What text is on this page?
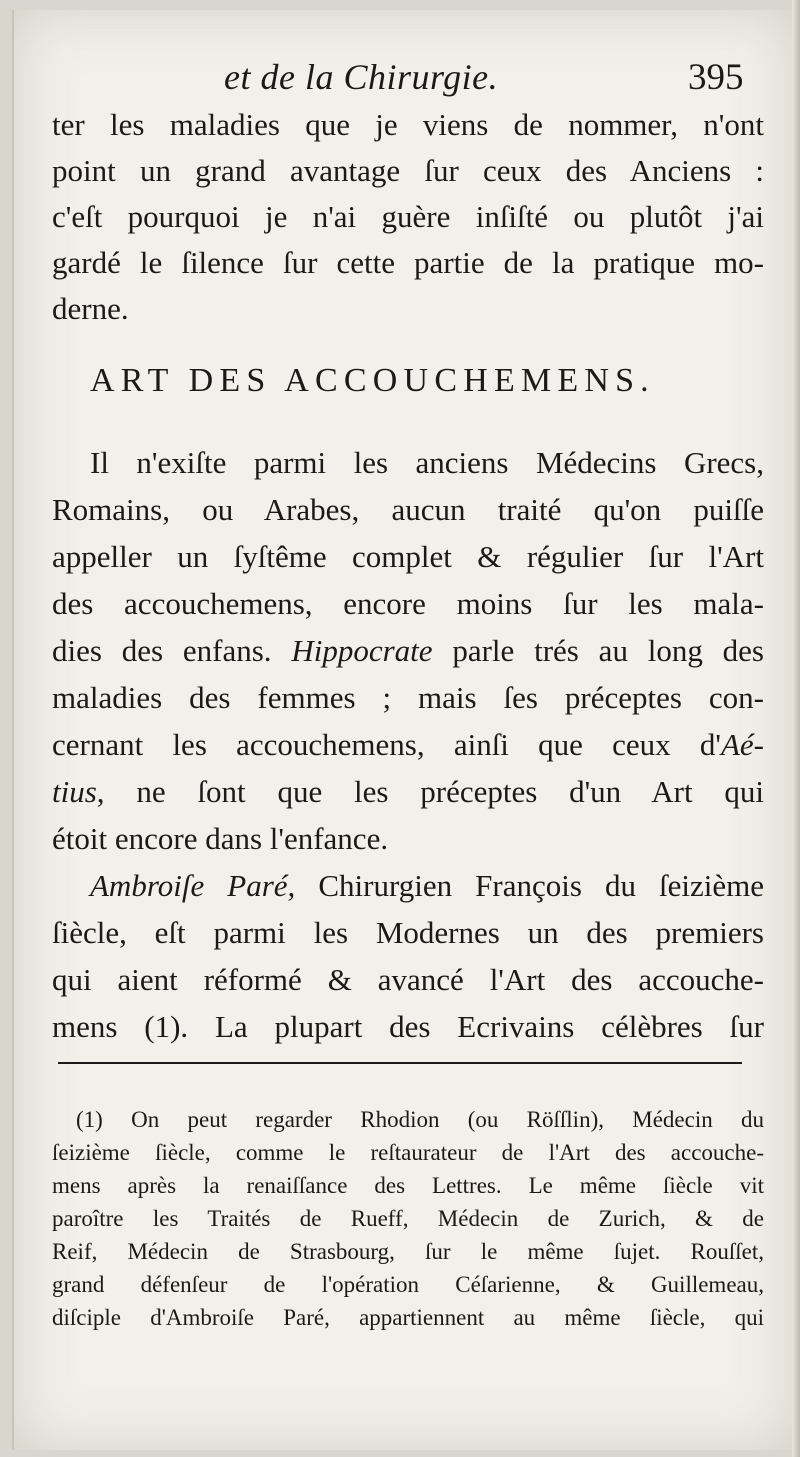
et de la Chirurgie.	395
ter les maladies que je viens de nommer, n'ont
point un grand avantage ſur ceux des Anciens :
c'eſt pourquoi je n'ai guère inſiſté ou plutôt j'ai
gardé le ſilence ſur cette partie de la pratique mo-
derne.
ART DES ACCOUCHEMENS.
Il n'exiſte parmi les anciens Médecins Grecs,
Romains, ou Arabes, aucun traité qu'on puiſſe
appeller un ſyſtême complet & régulier ſur l'Art
des accouchemens, encore moins ſur les mala-
dies des enfans. Hippocrate parle trés au long des
maladies des femmes ; mais ſes préceptes con-
cernant les accouchemens, ainſi que ceux d'Aé-
tius, ne ſont que les préceptes d'un Art qui
étoit encore dans l'enfance.
Ambroiſe Paré, Chirurgien François du ſeizième
ſiècle, eſt parmi les Modernes un des premiers
qui aient réformé & avancé l'Art des accouche-
mens (1). La plupart des Ecrivains célèbres ſur
(1) On peut regarder Rhodion (ou Röſſlin), Médecin du
ſeizième ſiècle, comme le reſtaurateur de l'Art des accouche-
mens après la renaiſſance des Lettres. Le même ſiècle vit
paroître les Traités de Rueff, Médecin de Zurich, & de
Reif, Médecin de Strasbourg, ſur le même ſujet. Rouſſet,
grand défenſeur de l'opération Céſarienne, & Guillemeau,
diſciple d'Ambroiſe Paré, appartiennent au même ſiècle, qui
